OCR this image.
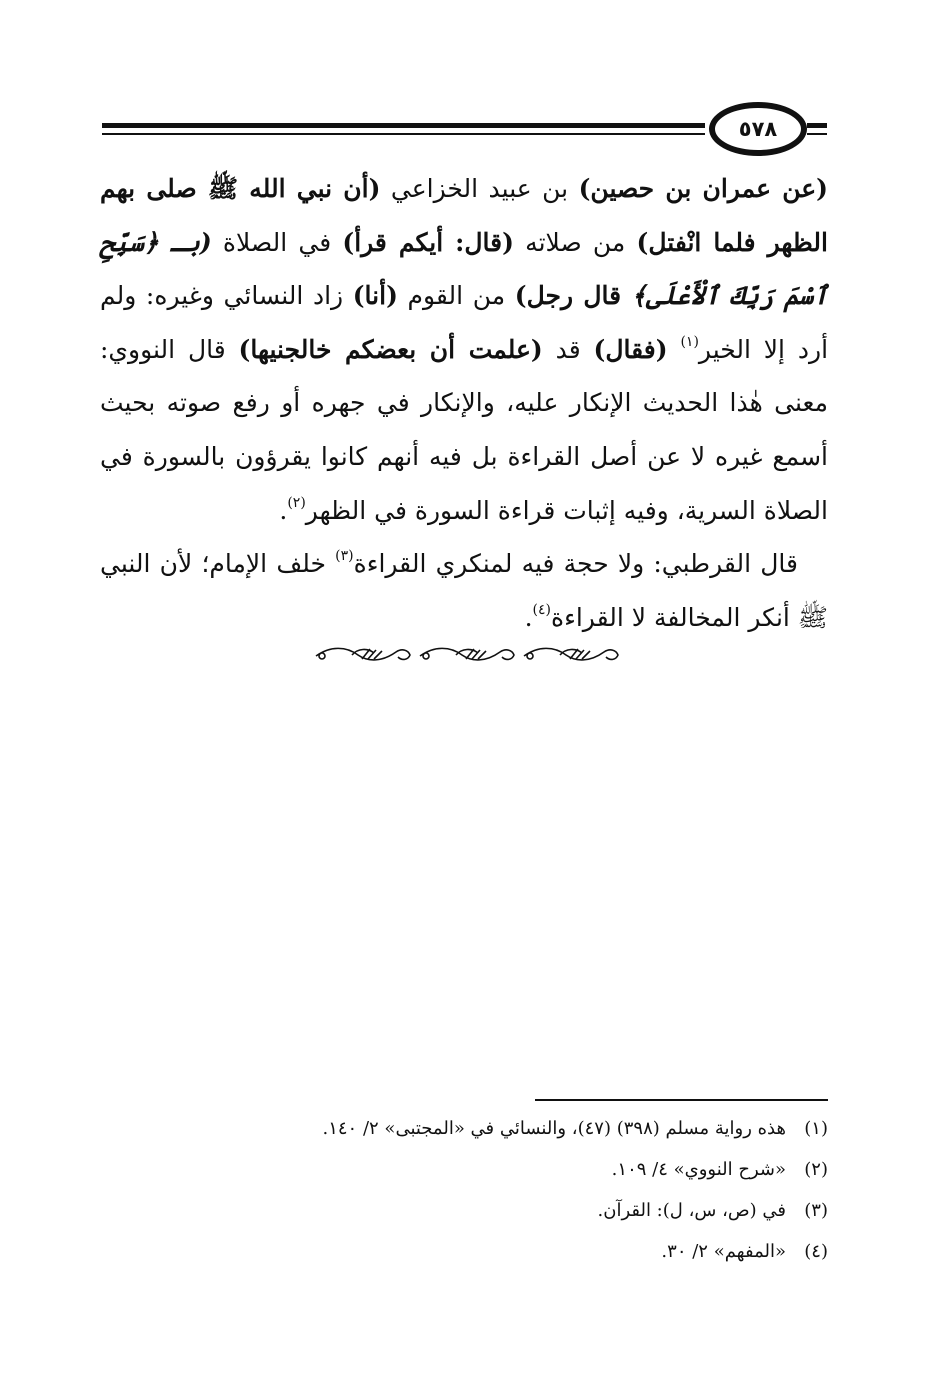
٥٧٨

(عن عمران بن حصين) بن عبيد الخزاعي (أن نبي الله ﷺ صلى بهم الظهر فلما انْفتل) من صلاته (قال: أيكم قرأ) في الصلاة (بـ ﴿سَبِّحِ ٱسْمَ رَبِّكَ ٱلْأَعْلَى﴾ قال رجل) من القوم (أنا) زاد النسائي وغيره: ولم أرد إلا الخير$^{(١)}$ (فقال) قد (علمت أن بعضكم خالجنيها) قال النووي: معنى هٰذا الحديث الإنكار عليه، والإنكار في جهره أو رفع صوته بحيث أسمع غيره لا عن أصل القراءة بل فيه أنهم كانوا يقرؤون بالسورة في الصلاة السرية، وفيه إثبات قراءة السورة في الظهر$^{(٢)}$.

قال القرطبي: ولا حجة فيه لمنكري القراءة$^{(٣)}$ خلف الإمام؛ لأن النبي ﷺ أنكر المخالفة لا القراءة$^{(٤)}$.

(١)هذه رواية مسلم (٣٩٨) (٤٧)، والنسائي في «المجتبى» ٢/ ١٤٠.

(٢)«شرح النووي» ٤/ ١٠٩.

(٣)في (ص، س، ل): القرآن.

(٤)«المفهم» ٢/ ٣٠.
